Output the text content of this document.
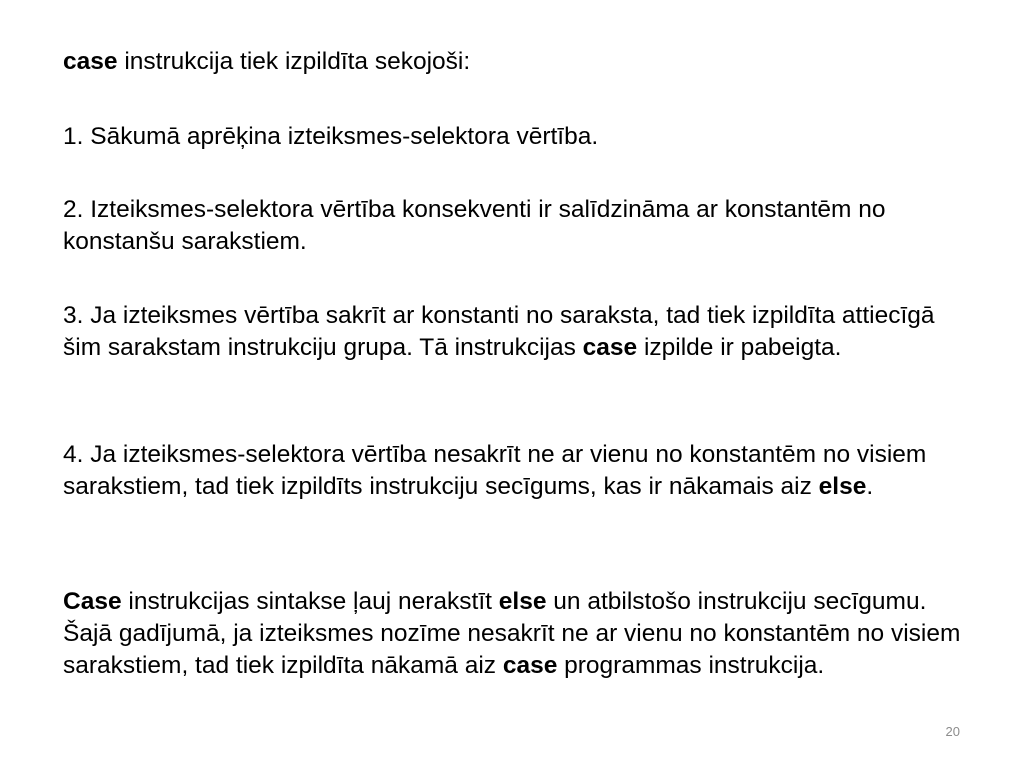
case instrukcija tiek izpildīta sekojoši:

1. Sākumā aprēķina izteiksmes-selektora vērtība.

2. Izteiksmes-selektora vērtība konsekventi ir salīdzināma ar konstantēm no konstanšu sarakstiem.

3. Ja izteiksmes vērtība sakrīt ar konstanti no saraksta, tad tiek izpildīta attiecīgā šim sarakstam instrukciju grupa. Tā instrukcijas case izpilde ir pabeigta.

4. Ja izteiksmes-selektora vērtība nesakrīt ne ar vienu no konstantēm no visiem sarakstiem, tad tiek izpildīts instrukciju secīgums, kas ir nākamais aiz else.

Case instrukcijas sintakse ļauj nerakstīt else un atbilstošo instrukciju secīgumu. Šajā gadījumā, ja izteiksmes nozīme nesakrīt ne ar vienu no konstantēm no visiem sarakstiem, tad tiek izpildīta nākamā aiz case programmas instrukcija.

20
